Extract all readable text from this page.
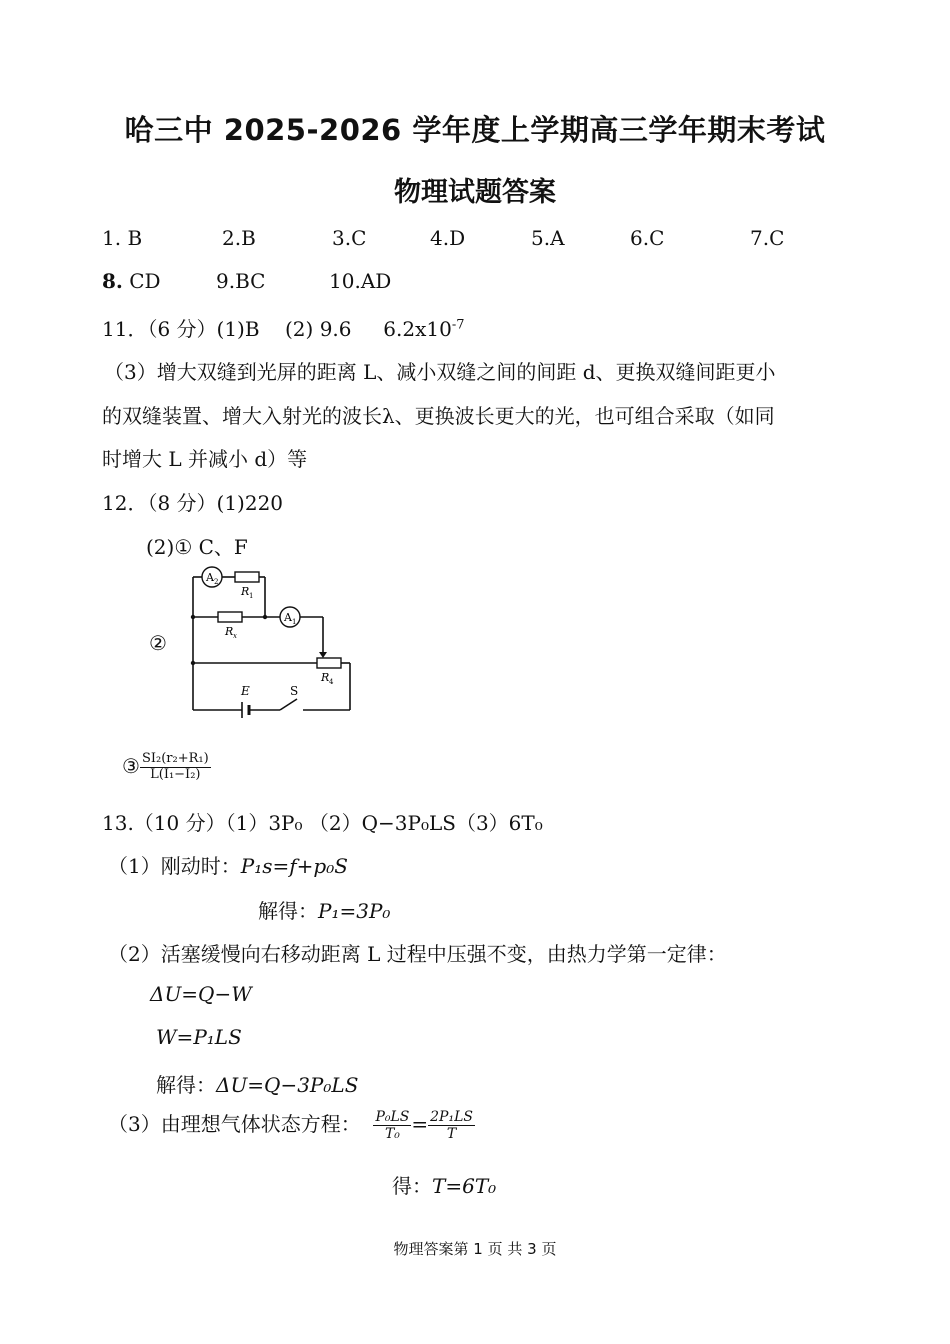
哈三中 2025-2026 学年度上学期高三学年期末考试
物理试题答案
1. B	2.B	3.C	4.D	5.A	6.C	7.C
8. CD	9.BC	10.AD
11．（6 分）(1)B (2) 9.6 $6.2x10^{-7}$
（3）增大双缝到光屏的距离 L、减小双缝之间的间距 d、更换双缝间距更小
的双缝装置、增大入射光的波长λ、更换波长更大的光，也可组合采取（如同
时增大 L 并减小 d）等
12．（8 分）(1)220
(2)① C、F
②
A 2
A 1
R 1
R x
R 4
E	S
③ $\frac{\text{SI₂(r₂+R₁)}}{\text{L(I₁−I₂)}}$
13.（10 分）（1）3P₀ （2）Q−3P₀LS（3）6T₀
（1）刚动时：P₁s=f+p₀S
解得：P₁=3P₀
（2）活塞缓慢向右移动距离 L 过程中压强不变，由热力学第一定律：
ΔU=Q−W
W=P₁LS
解得：ΔU=Q−3P₀LS
（3）由理想气体状态方程： $\frac{\text{P₀LS}}{\text{T₀}} = \frac{\text{2P₁LS}}{T}$
得：T=6T₀
物理答案第 1 页 共 3 页
